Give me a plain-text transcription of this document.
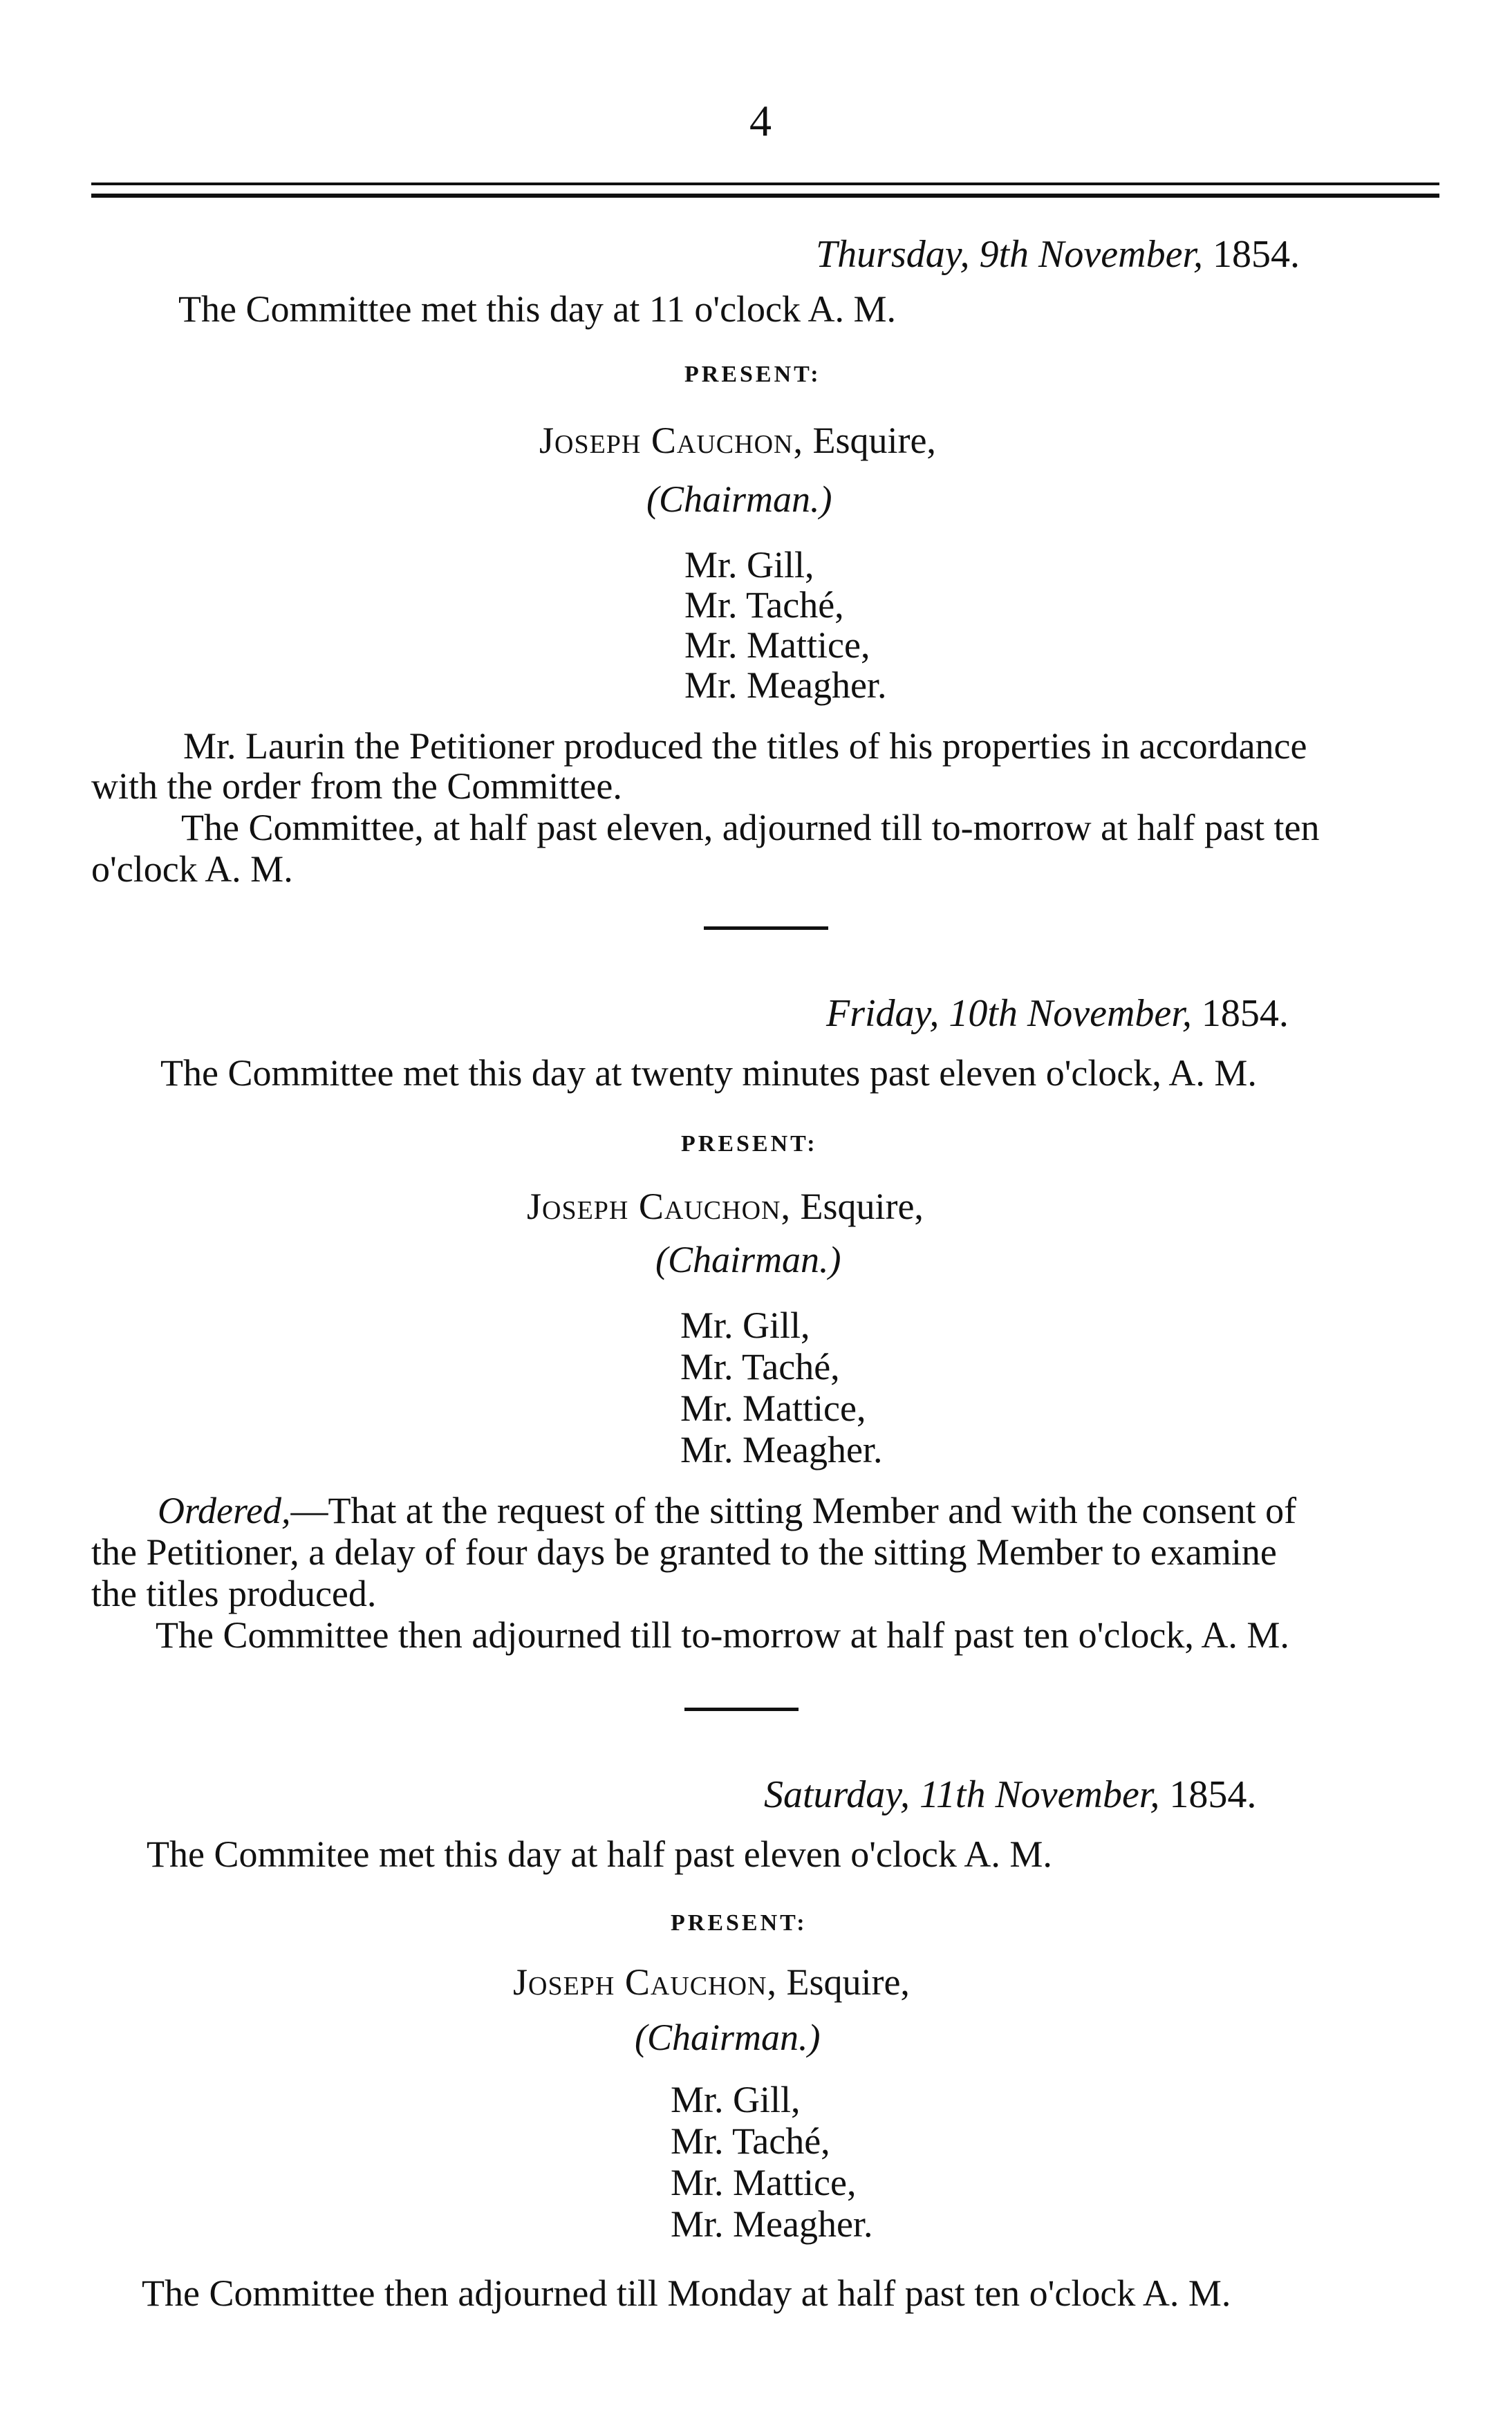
4
Thursday, 9th November, 1854.
The Committee met this day at 11 o'clock A. M.
PRESENT:
Joseph Cauchon, Esquire,
(Chairman.)
Mr. Gill,
Mr. Taché,
Mr. Mattice,
Mr. Meagher.
Mr. Laurin the Petitioner produced the titles of his properties in accordance
with the order from the Committee.
The Committee, at half past eleven, adjourned till to-morrow at half past ten
o'clock A. M.
Friday, 10th November, 1854.
The Committee met this day at twenty minutes past eleven o'clock, A. M.
PRESENT:
Joseph Cauchon, Esquire,
(Chairman.)
Mr. Gill,
Mr. Taché,
Mr. Mattice,
Mr. Meagher.
Ordered,—That at the request of the sitting Member and with the consent of
the Petitioner, a delay of four days be granted to the sitting Member to examine
the titles produced.
The Committee then adjourned till to-morrow at half past ten o'clock, A. M.
Saturday, 11th November, 1854.
The Commitee met this day at half past eleven o'clock A. M.
PRESENT:
Joseph Cauchon, Esquire,
(Chairman.)
Mr. Gill,
Mr. Taché,
Mr. Mattice,
Mr. Meagher.
The Committee then adjourned till Monday at half past ten o'clock A. M.
